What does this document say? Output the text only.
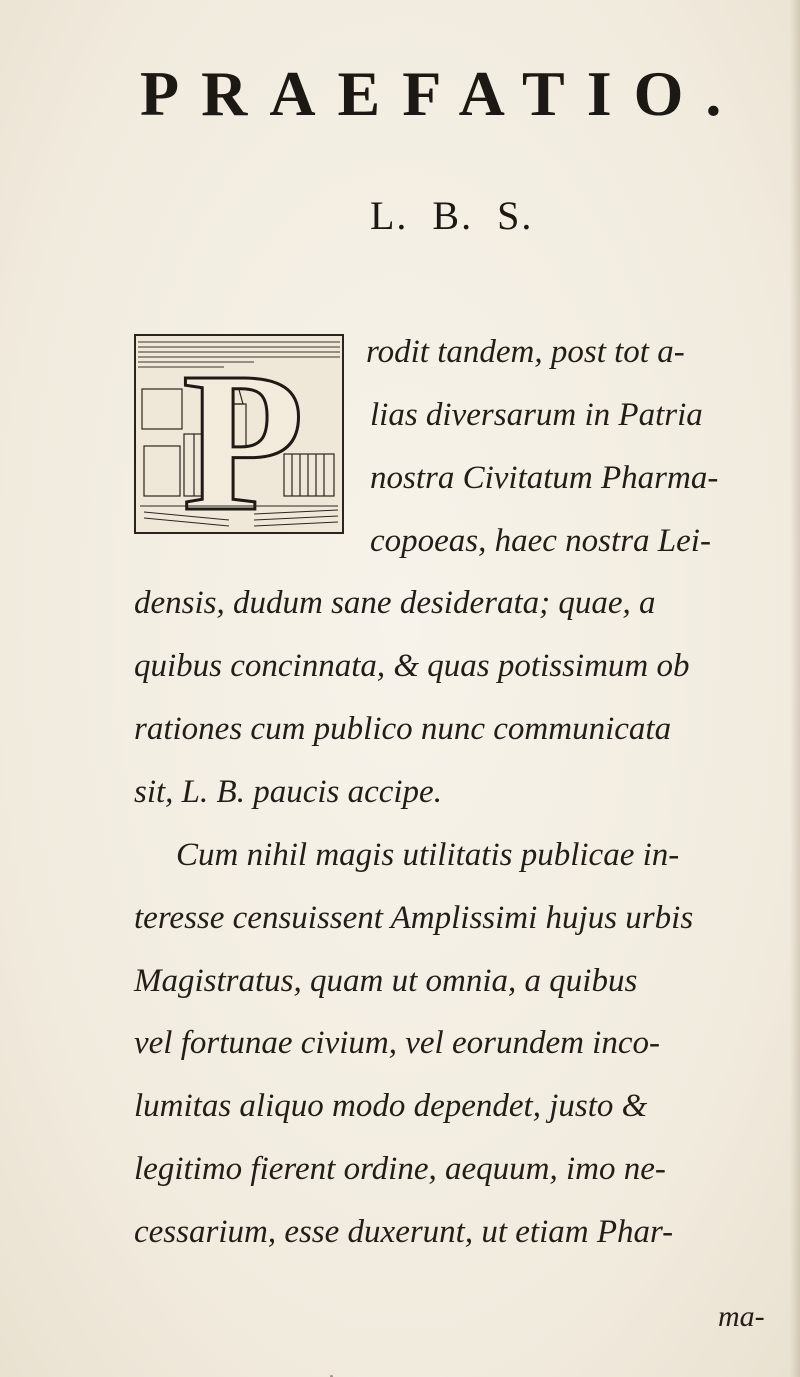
PRAEFATIO.
L. B. S.
P rodit tandem, post tot a-
lias diversarum in Patria
nostra Civitatum Pharma-
copoeas, haec nostra Lei-
densis, dudum sane desiderata; quae, a
quibus concinnata, & quas potissimum ob
rationes cum publico nunc communicata
sit, L. B. paucis accipe.
Cum nihil magis utilitatis publicae in-
teresse censuissent Amplissimi hujus urbis
Magistratus, quam ut omnia, a quibus
vel fortunae civium, vel eorundem inco-
lumitas aliquo modo dependet, justo &
legitimo fierent ordine, aequum, imo ne-
cessarium, esse duxerunt, ut etiam Phar-
ma-
